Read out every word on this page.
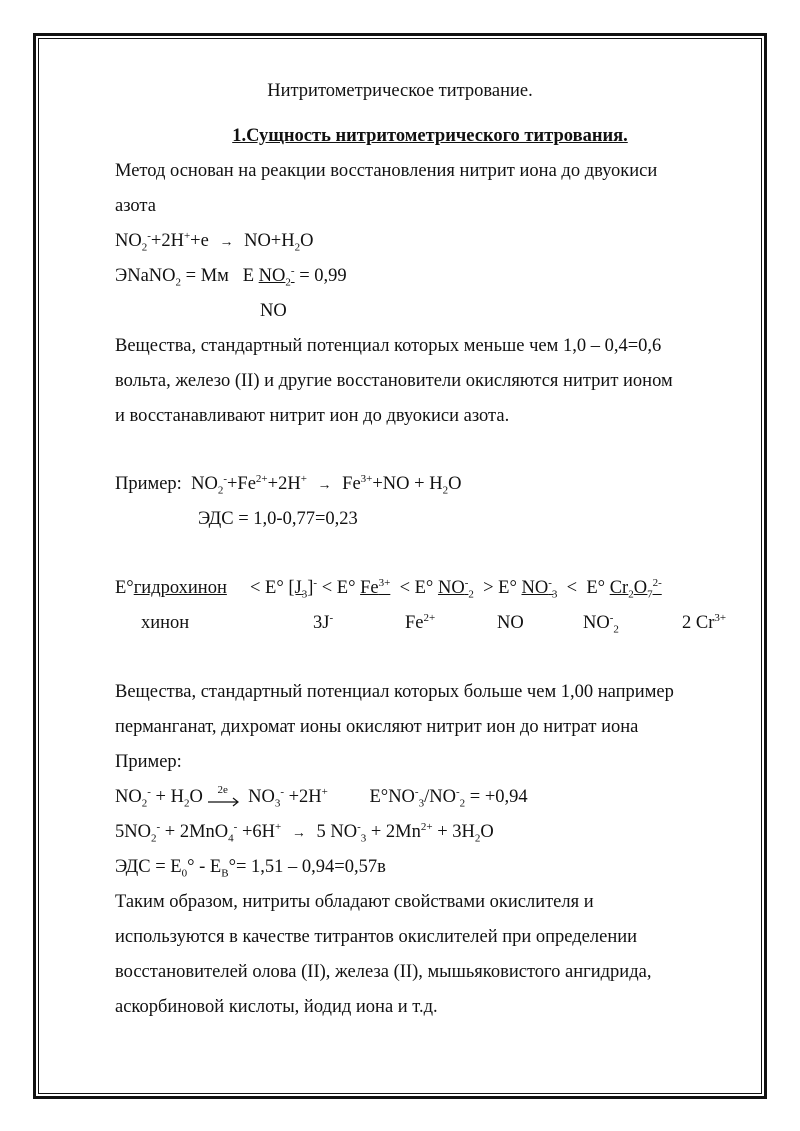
Нитритометрическое титрование.
1.Сущность нитритометрического титрования.
Метод основан на реакции восстановления нитрит иона до двуокиси
азота
$NO_2^-+2H^++e \to NO+H_2O$
ЭNaNO$_2$ = Мм   E $NO_2^- = 0,99$
NO
Вещества, стандартный потенциал которых меньше чем 1,0 – 0,4=0,6
вольта, железо (II) и другие восстановители окисляются нитрит ионом
и восстанавливают нитрит ион до двуокиси азота.
Пример:  $NO_2^-+Fe^{2+}+2H^+ \to Fe^{3+}+NO + H_2O$
ЭДС = 1,0-0,77=0,23
E°гидрохинон     < E° $[J_3]^- < E^\circ$ $Fe^{3+} < E^\circ$ $NO^-_2 > E^\circ$ $NO^-_3 < E^\circ$ $Cr_2O_7^{2-}$
хинон	3J-	$Fe^{2+}$	NO	$NO^-_2$	2 $Cr^{3+}$
Вещества, стандартный потенциал которых больше чем 1,00 например
перманганат, дихромат ионы окисляют нитрит ион до нитрат иона
Пример:
$NO_2^- + H_2O$ 2e $NO_3^- +2H^+$         $E^\circ NO^-_3/NO^-_2 = +0,94$
$5NO_2^- + 2MnO_4^- +6H^+ \to 5$ $NO^-_3 + 2Mn^{2+} + 3H_2O$
ЭДС = $E_0^\circ - E_B^\circ= 1,51 - 0,94=0,57в$
Таким образом, нитриты обладают свойствами окислителя и
используются в качестве титрантов окислителей при определении
восстановителей олова (II), железа (II), мышьяковистого ангидрида,
аскорбиновой кислоты, йодид иона и т.д.
